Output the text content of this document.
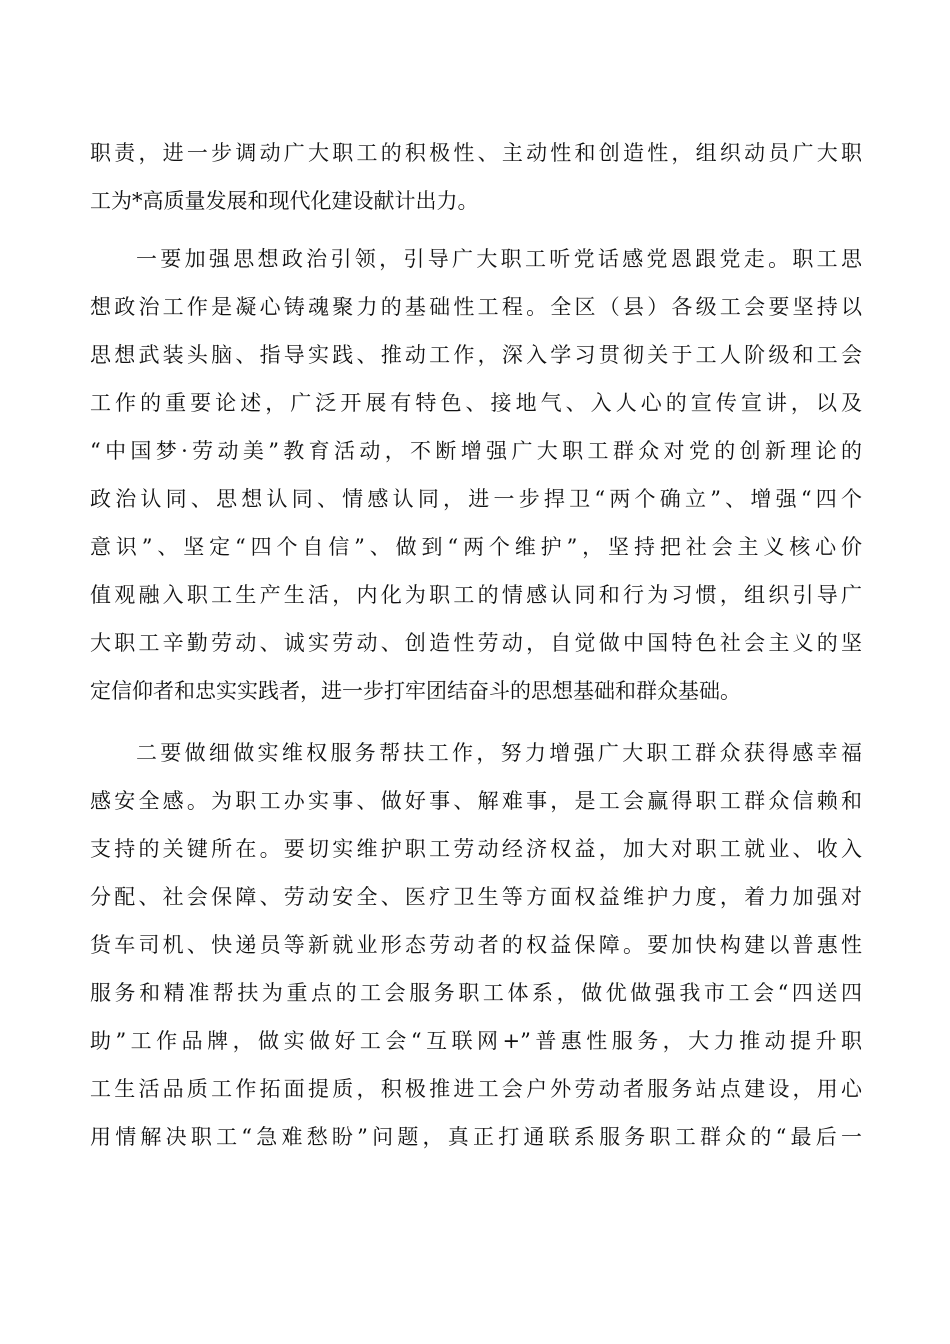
职责，进一步调动广大职工的积极性、主动性和创造性，组织动员广大职
工为*高质量发展和现代化建设献计出力。
一要加强思想政治引领，引导广大职工听党话感党恩跟党走。职工思
想政治工作是凝心铸魂聚力的基础性工程。全区（县）各级工会要坚持以
思想武装头脑、指导实践、推动工作，深入学习贯彻关于工人阶级和工会
工作的重要论述，广泛开展有特色、接地气、入人心的宣传宣讲，以及
“中国梦·劳动美”教育活动，不断增强广大职工群众对党的创新理论的
政治认同、思想认同、情感认同，进一步捍卫“两个确立”、增强“四个
意识”、坚定“四个自信”、做到“两个维护”，坚持把社会主义核心价
值观融入职工生产生活，内化为职工的情感认同和行为习惯，组织引导广
大职工辛勤劳动、诚实劳动、创造性劳动，自觉做中国特色社会主义的坚
定信仰者和忠实实践者，进一步打牢团结奋斗的思想基础和群众基础。
二要做细做实维权服务帮扶工作，努力增强广大职工群众获得感幸福
感安全感。为职工办实事、做好事、解难事，是工会赢得职工群众信赖和
支持的关键所在。要切实维护职工劳动经济权益，加大对职工就业、收入
分配、社会保障、劳动安全、医疗卫生等方面权益维护力度，着力加强对
货车司机、快递员等新就业形态劳动者的权益保障。要加快构建以普惠性
服务和精准帮扶为重点的工会服务职工体系，做优做强我市工会“四送四
助”工作品牌，做实做好工会“互联网+”普惠性服务，大力推动提升职
工生活品质工作拓面提质，积极推进工会户外劳动者服务站点建设，用心
用情解决职工“急难愁盼”问题，真正打通联系服务职工群众的“最后一
